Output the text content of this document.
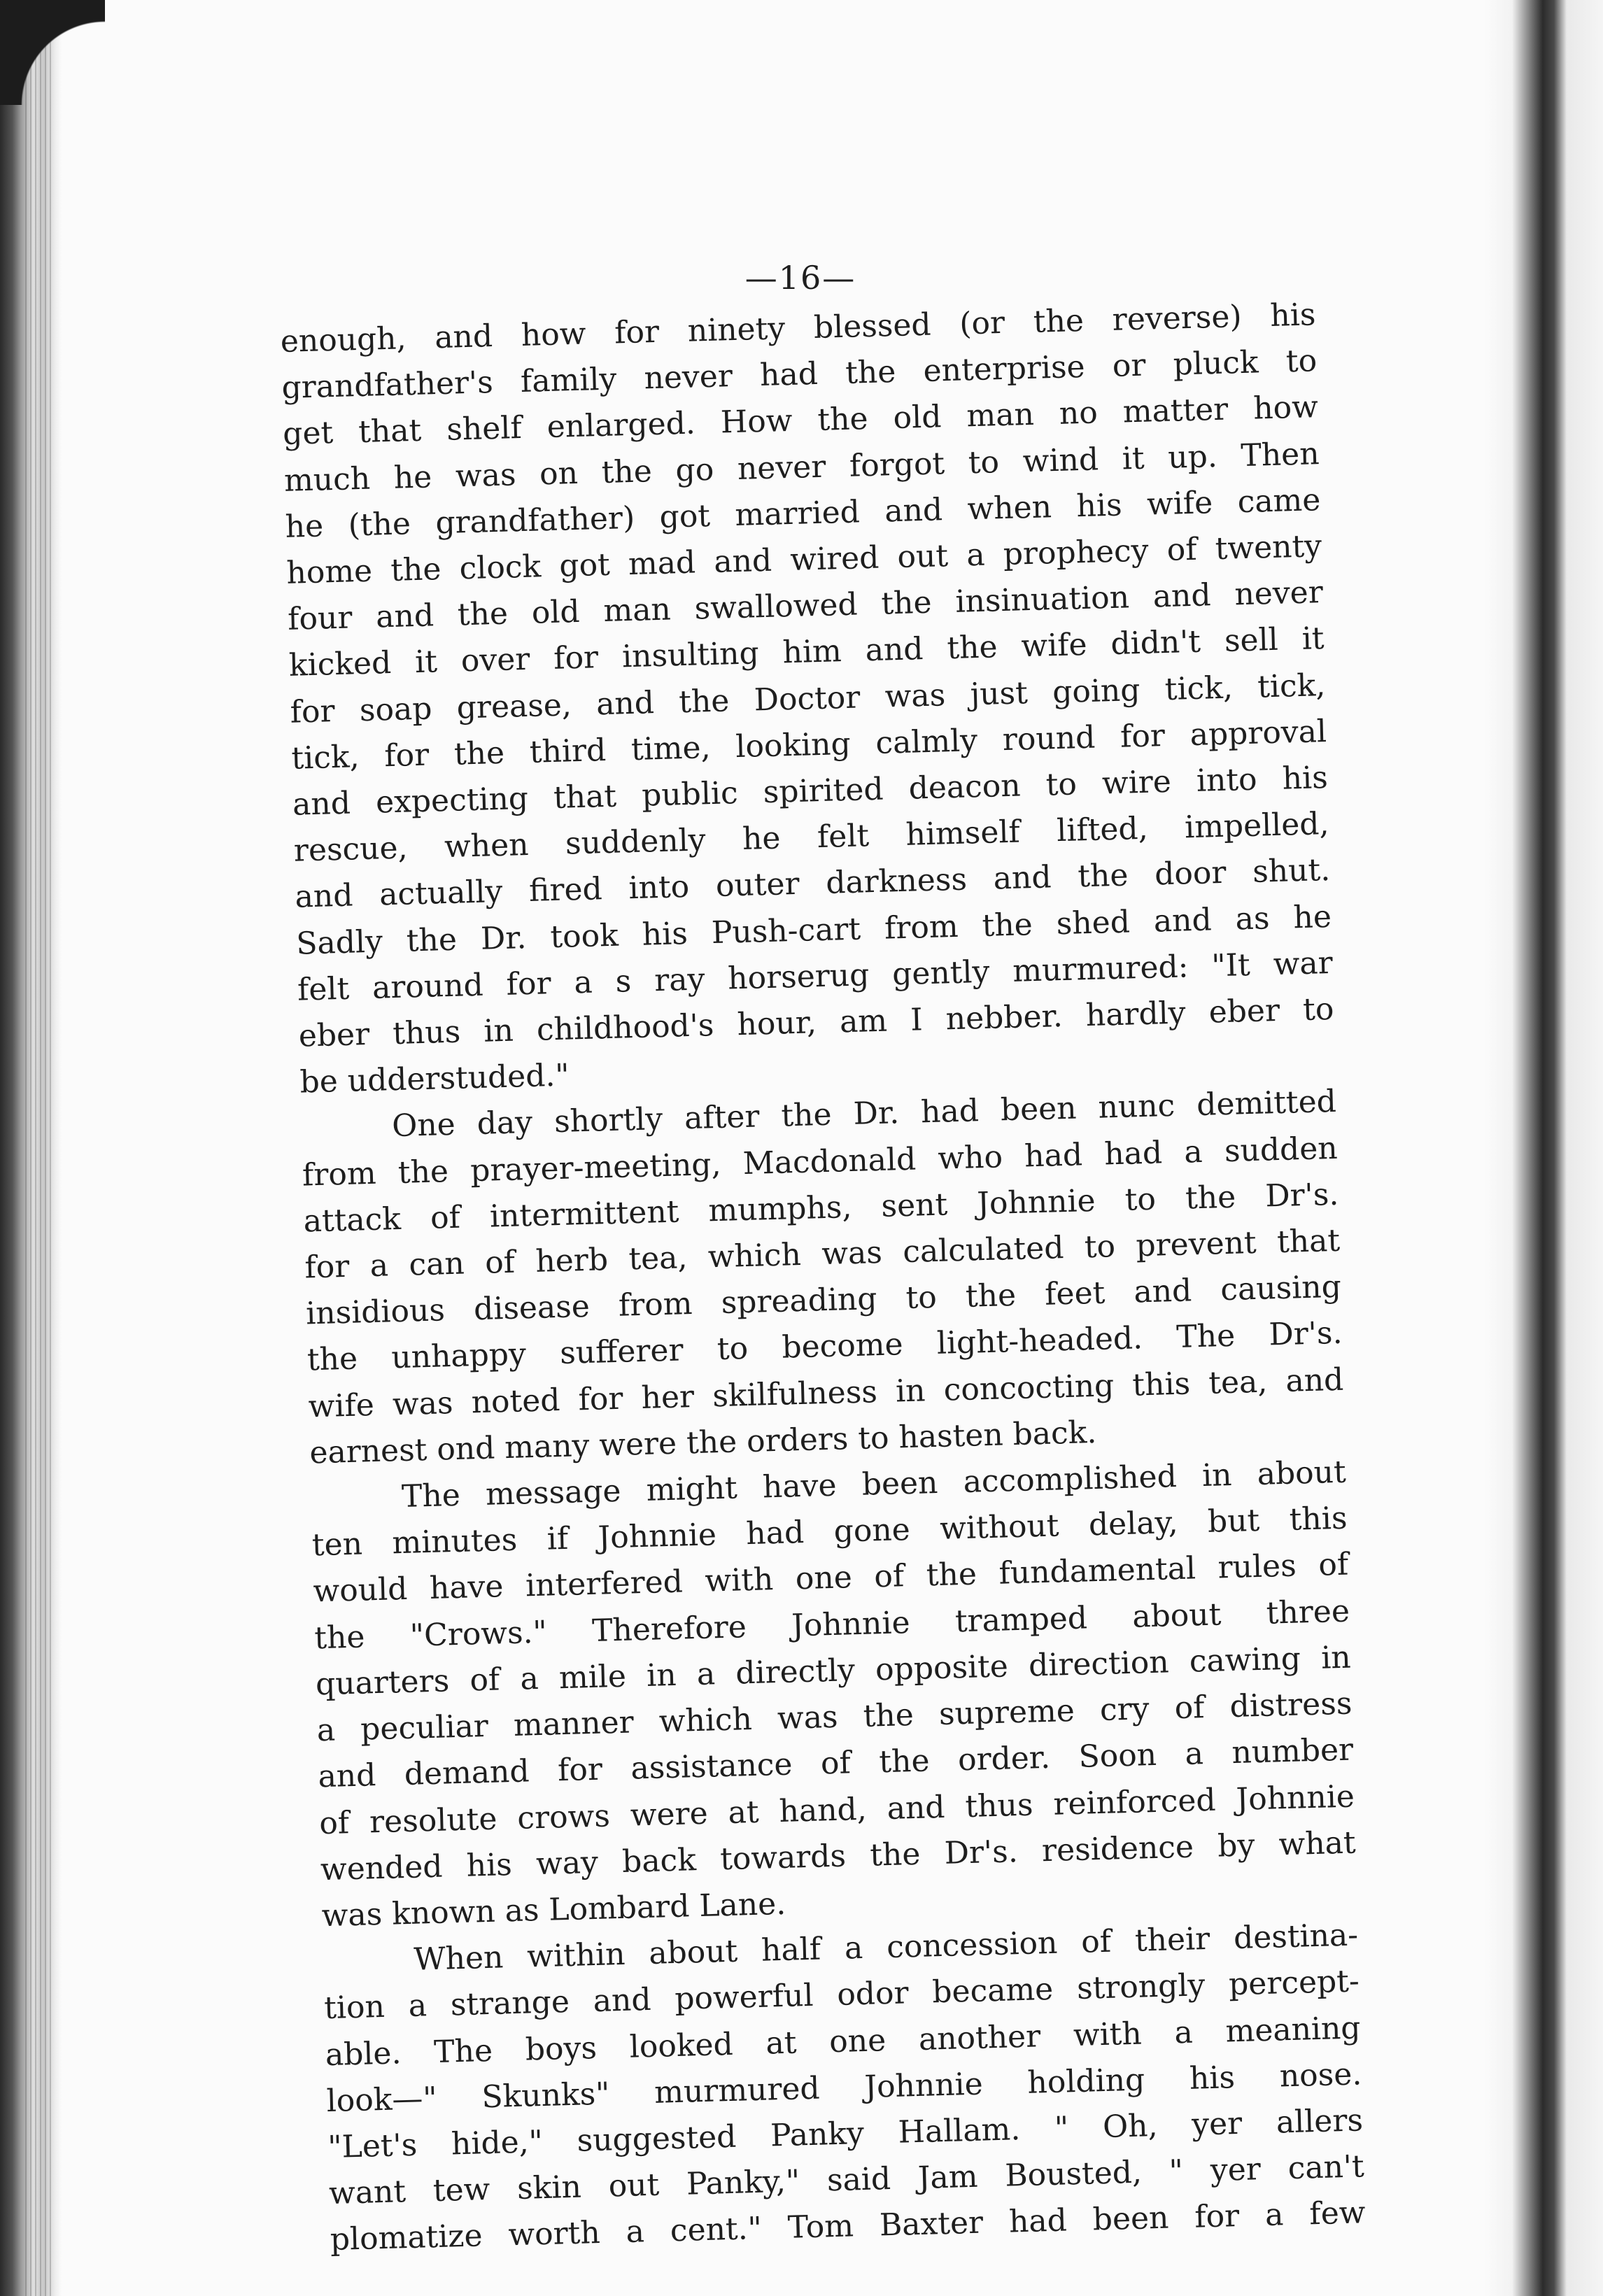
—16—
enough, and how for ninety blessed (or the reverse) his
grandfather's family never had the enterprise or pluck to
get that shelf enlarged. How the old man no matter how
much he was on the go never forgot to wind it up. Then
he (the grandfather) got married and when his wife came
home the clock got mad and wired out a prophecy of twenty
four and the old man swallowed the insinuation and never
kicked it over for insulting him and the wife didn't sell it
for soap grease, and the Doctor was just going tick, tick,
tick, for the third time, looking calmly round for approval
and expecting that public spirited deacon to wire into his
rescue, when suddenly he felt himself lifted, impelled,
and actually fired into outer darkness and the door shut.
Sadly the Dr. took his Push-cart from the shed and as he
felt around for a s ray horserug gently murmured: "It war
eber thus in childhood's hour, am I nebber. hardly eber to
be udderstuded."
One day shortly after the Dr. had been nunc demitted
from the prayer-meeting, Macdonald who had had a sudden
attack of intermittent mumphs, sent Johnnie to the Dr's.
for a can of herb tea, which was calculated to prevent that
insidious disease from spreading to the feet and causing
the unhappy sufferer to become light-headed. The Dr's.
wife was noted for her skilfulness in concocting this tea, and
earnest ond many were the orders to hasten back.
The message might have been accomplished in about
ten minutes if Johnnie had gone without delay, but this
would have interfered with one of the fundamental rules of
the "Crows." Therefore Johnnie tramped about three
quarters of a mile in a directly opposite direction cawing in
a peculiar manner which was the supreme cry of distress
and demand for assistance of the order. Soon a number
of resolute crows were at hand, and thus reinforced Johnnie
wended his way back towards the Dr's. residence by what
was known as Lombard Lane.
When within about half a concession of their destina-
tion a strange and powerful odor became strongly percept-
able. The boys looked at one another with a meaning
look—" Skunks" murmured Johnnie holding his nose.
"Let's hide," suggested Panky Hallam. " Oh, yer allers
want tew skin out Panky," said Jam Bousted, " yer can't
plomatize worth a cent." Tom Baxter had been for a few
